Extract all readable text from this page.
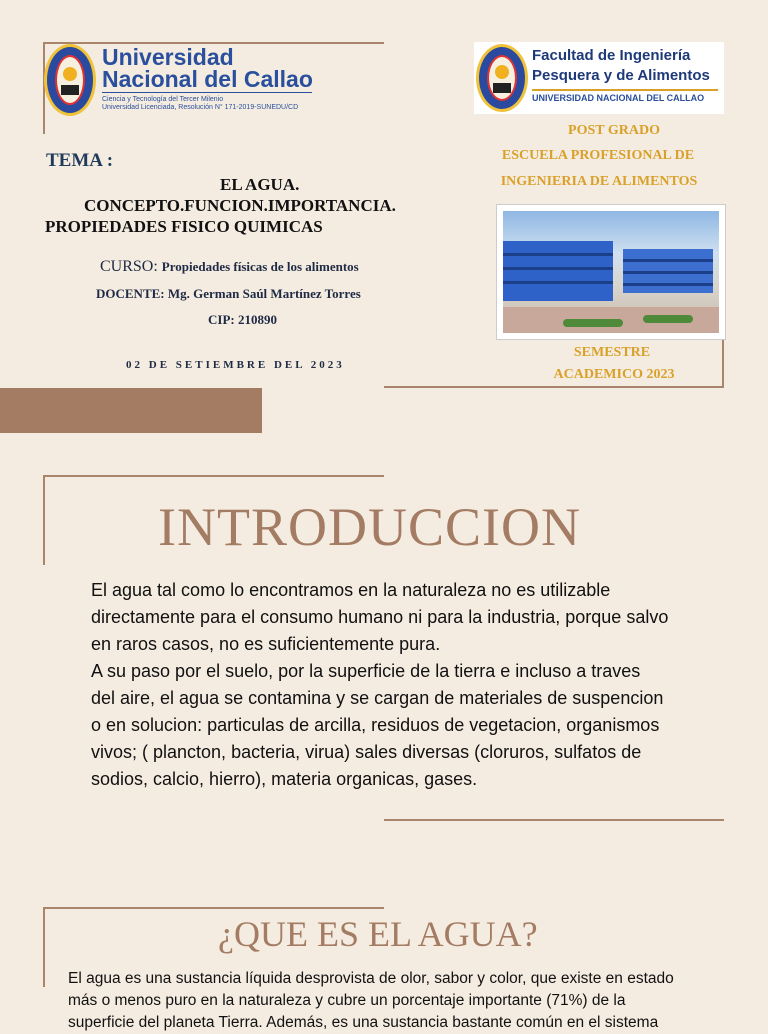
Universidad
Nacional del Callao
Ciencia y Tecnología del Tercer Milenio
Universidad Licenciada, Resolución N° 171-2019-SUNEDU/CD
Facultad de Ingeniería
Pesquera y de Alimentos
UNIVERSIDAD NACIONAL DEL CALLAO
POST GRADO
ESCUELA PROFESIONAL DE
INGENIERIA DE ALIMENTOS
SEMESTRE
ACADEMICO 2023
TEMA :
EL AGUA.
CONCEPTO.FUNCION.IMPORTANCIA.
PROPIEDADES FISICO QUIMICAS
CURSO: Propiedades físicas de los alimentos
DOCENTE: Mg. German Saúl Martínez Torres
CIP: 210890
02 DE SETIEMBRE DEL 2023
INTRODUCCION
El agua tal como lo encontramos en la naturaleza no es utilizable
directamente para el consumo humano ni para la industria, porque salvo
en raros casos, no es suficientemente pura.
A su paso por el suelo, por la superficie de la tierra e incluso a traves
del aire, el agua se contamina y se cargan de materiales de suspencion
o en solucion: particulas de arcilla, residuos de vegetacion, organismos
vivos; ( plancton, bacteria, virua) sales diversas (cloruros, sulfatos de
sodios, calcio, hierro), materia organicas, gases.
¿QUE ES EL AGUA?
El agua es una sustancia líquida desprovista de olor, sabor y color, que existe en estado
más o menos puro en la naturaleza y cubre un porcentaje importante (71%) de la
superficie del planeta Tierra. Además, es una sustancia bastante común en el sistema
